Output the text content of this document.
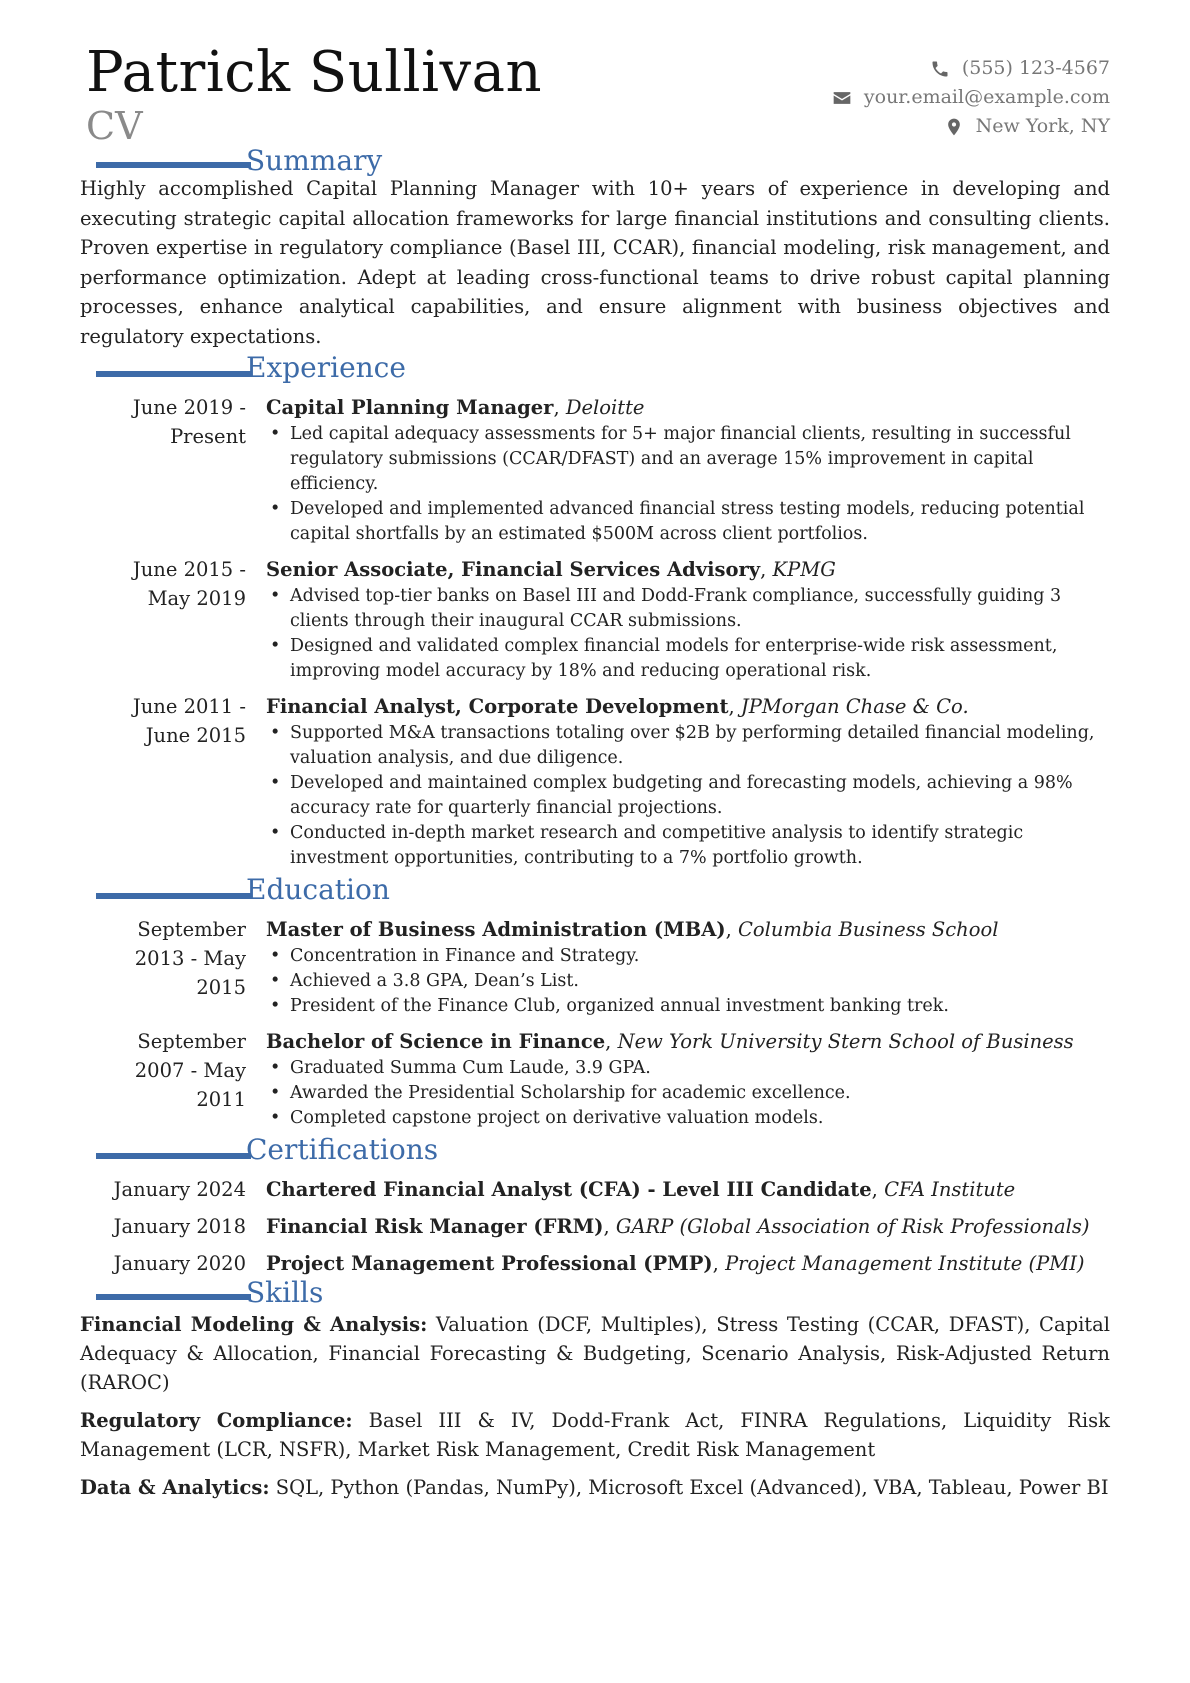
Patrick Sullivan
CV
(555) 123-4567
your.email@example.com
New York, NY
Summary
Highly accomplished Capital Planning Manager with 10+ years of experience in developing and executing strategic capital allocation frameworks for large financial institutions and consulting clients. Proven expertise in regulatory compliance (Basel III, CCAR), financial modeling, risk management, and performance optimization. Adept at leading cross-functional teams to drive robust capital planning processes, enhance analytical capabilities, and ensure alignment with business objectives and regulatory expectations.
Experience
June 2019 - Present
Capital Planning Manager, Deloitte
• Led capital adequacy assessments for 5+ major financial clients, resulting in successful regulatory submissions (CCAR/DFAST) and an average 15% improvement in capital efficiency.
• Developed and implemented advanced financial stress testing models, reducing potential capital shortfalls by an estimated $500M across client portfolios.
June 2015 - May 2019
Senior Associate, Financial Services Advisory, KPMG
• Advised top-tier banks on Basel III and Dodd-Frank compliance, successfully guiding 3 clients through their inaugural CCAR submissions.
• Designed and validated complex financial models for enterprise-wide risk assessment, improving model accuracy by 18% and reducing operational risk.
June 2011 - June 2015
Financial Analyst, Corporate Development, JPMorgan Chase & Co.
• Supported M&A transactions totaling over $2B by performing detailed financial modeling, valuation analysis, and due diligence.
• Developed and maintained complex budgeting and forecasting models, achieving a 98% accuracy rate for quarterly financial projections.
• Conducted in-depth market research and competitive analysis to identify strategic investment opportunities, contributing to a 7% portfolio growth.
Education
September 2013 - May 2015
Master of Business Administration (MBA), Columbia Business School
• Concentration in Finance and Strategy.
• Achieved a 3.8 GPA, Dean’s List.
• President of the Finance Club, organized annual investment banking trek.
September 2007 - May 2011
Bachelor of Science in Finance, New York University Stern School of Business
• Graduated Summa Cum Laude, 3.9 GPA.
• Awarded the Presidential Scholarship for academic excellence.
• Completed capstone project on derivative valuation models.
Certifications
January 2024	Chartered Financial Analyst (CFA) - Level III Candidate, CFA Institute
January 2018	Financial Risk Manager (FRM), GARP (Global Association of Risk Professionals)
January 2020	Project Management Professional (PMP), Project Management Institute (PMI)
Skills
Financial Modeling & Analysis: Valuation (DCF, Multiples), Stress Testing (CCAR, DFAST), Capital Adequacy & Allocation, Financial Forecasting & Budgeting, Scenario Analysis, Risk-Adjusted Return (RAROC)
Regulatory Compliance: Basel III & IV, Dodd-Frank Act, FINRA Regulations, Liquidity Risk Management (LCR, NSFR), Market Risk Management, Credit Risk Management
Data & Analytics: SQL, Python (Pandas, NumPy), Microsoft Excel (Advanced), VBA, Tableau, Power BI
